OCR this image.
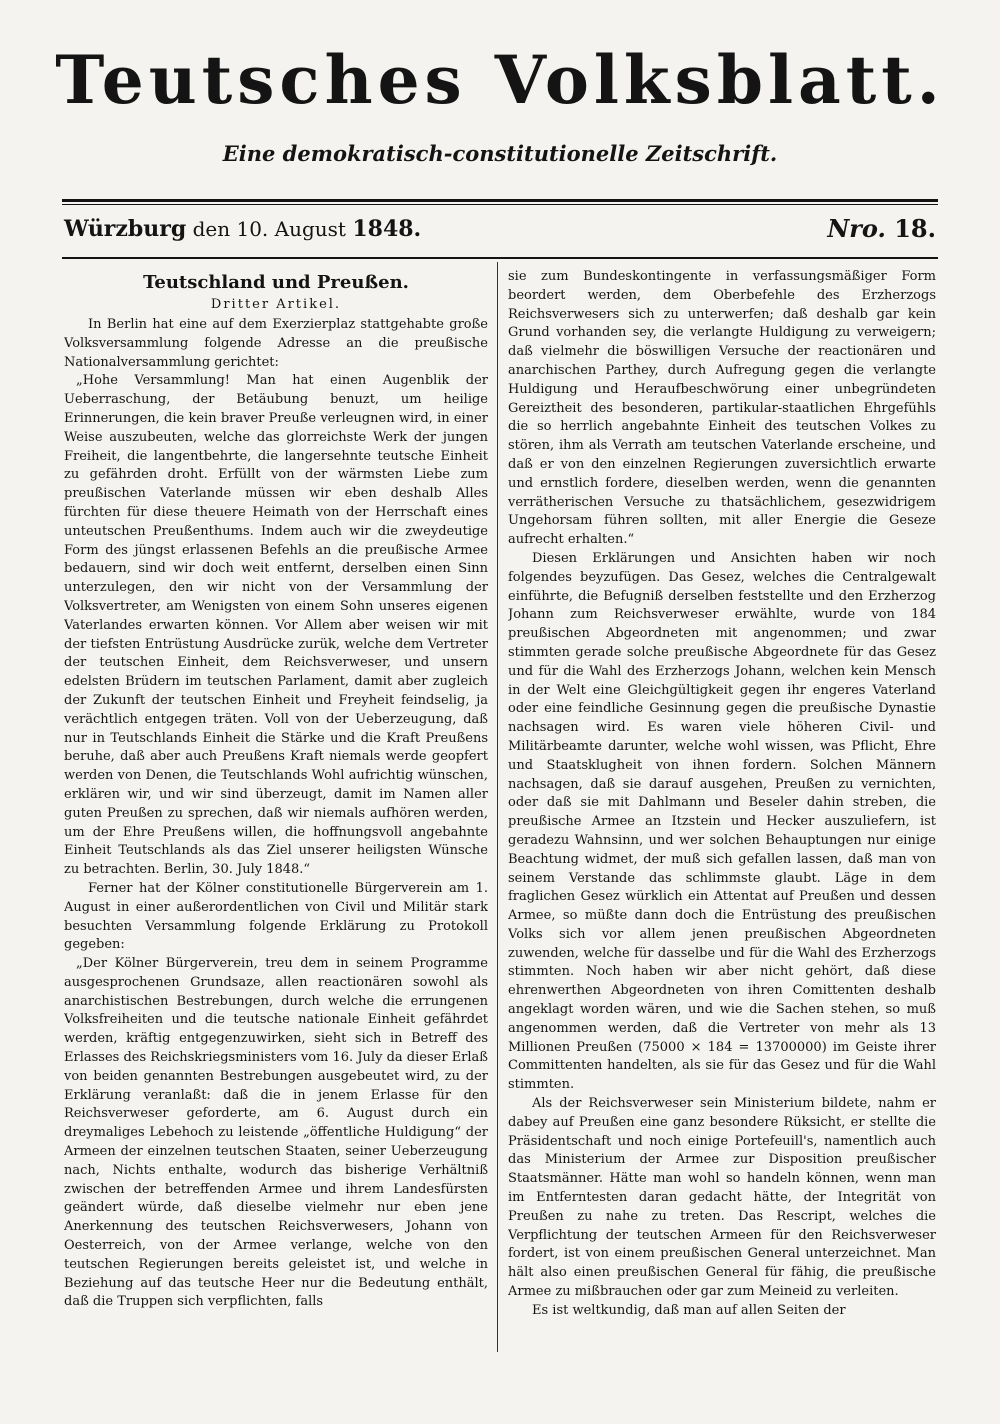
Teutsches Volksblatt.
Eine demokratisch-constitutionelle Zeitschrift.
Würzburg den 10. August 1848.	Nro. 18.
Teutschland und Preußen.
Dritter Artikel.

In Berlin hat eine auf dem Exerzierplaz stattgehabte große Volksversammlung folgende Adresse an die preußische Nationalversammlung gerichtet:

„Hohe Versammlung! Man hat einen Augenblik der Ueberraschung, der Betäubung benuzt, um heilige Erinnerungen, die kein braver Preuße verleugnen wird, in einer Weise auszubeuten, welche das glorreichste Werk der jungen Freiheit, die langentbehrte, die langersehnte teutsche Einheit zu gefährden droht. Erfüllt von der wärmsten Liebe zum preußischen Vaterlande müssen wir eben deshalb Alles fürchten für diese theuere Heimath von der Herrschaft eines unteutschen Preußenthums. Indem auch wir die zweydeutige Form des jüngst erlassenen Befehls an die preußische Armee bedauern, sind wir doch weit entfernt, derselben einen Sinn unterzulegen, den wir nicht von der Versammlung der Volksvertreter, am Wenigsten von einem Sohn unseres eigenen Vaterlandes erwarten können. Vor Allem aber weisen wir mit der tiefsten Entrüstung Ausdrücke zurük, welche dem Vertreter der teutschen Einheit, dem Reichsverweser, und unsern edelsten Brüdern im teutschen Parlament, damit aber zugleich der Zukunft der teutschen Einheit und Freyheit feindselig, ja verächtlich entgegen träten. Voll von der Ueberzeugung, daß nur in Teutschlands Einheit die Stärke und die Kraft Preußens beruhe, daß aber auch Preußens Kraft niemals werde geopfert werden von Denen, die Teutschlands Wohl aufrichtig wünschen, erklären wir, und wir sind überzeugt, damit im Namen aller guten Preußen zu sprechen, daß wir niemals aufhören werden, um der Ehre Preußens willen, die hoffnungsvoll angebahnte Einheit Teutschlands als das Ziel unserer heiligsten Wünsche zu betrachten. Berlin, 30. July 1848.“

Ferner hat der Kölner constitutionelle Bürgerverein am 1. August in einer außerordentlichen von Civil und Militär stark besuchten Versammlung folgende Erklärung zu Protokoll gegeben:

„Der Kölner Bürgerverein, treu dem in seinem Programme ausgesprochenen Grundsaze, allen reactionären sowohl als anarchistischen Bestrebungen, durch welche die errungenen Volksfreiheiten und die teutsche nationale Einheit gefährdet werden, kräftig entgegenzuwirken, sieht sich in Betreff des Erlasses des Reichskriegsministers vom 16. July da dieser Erlaß von beiden genannten Bestrebungen ausgebeutet wird, zu der Erklärung veranlaßt: daß die in jenem Erlasse für den Reichsverweser geforderte, am 6. August durch ein dreymaliges Lebehoch zu leistende „öffentliche Huldigung“ der Armeen der einzelnen teutschen Staaten, seiner Ueberzeugung nach, Nichts enthalte, wodurch das bisherige Verhältniß zwischen der betreffenden Armee und ihrem Landesfürsten geändert würde, daß dieselbe vielmehr nur eben jene Anerkennung des teutschen Reichsverwesers, Johann von Oesterreich, von der Armee verlange, welche von den teutschen Regierungen bereits geleistet ist, und welche in Beziehung auf das teutsche Heer nur die Bedeutung enthält, daß die Truppen sich verpflichten, falls

sie zum Bundeskontingente in verfassungsmäßiger Form beordert werden, dem Oberbefehle des Erzherzogs Reichsverwesers sich zu unterwerfen; daß deshalb gar kein Grund vorhanden sey, die verlangte Huldigung zu verweigern; daß vielmehr die böswilligen Versuche der reactionären und anarchischen Parthey, durch Aufregung gegen die verlangte Huldigung und Heraufbeschwörung einer unbegründeten Gereiztheit des besonderen, partikular-staatlichen Ehrgefühls die so herrlich angebahnte Einheit des teutschen Volkes zu stören, ihm als Verrath am teutschen Vaterlande erscheine, und daß er von den einzelnen Regierungen zuversichtlich erwarte und ernstlich fordere, dieselben werden, wenn die genannten verrätherischen Versuche zu thatsächlichem, gesezwidrigem Ungehorsam führen sollten, mit aller Energie die Geseze aufrecht erhalten.“

Diesen Erklärungen und Ansichten haben wir noch folgendes beyzufügen. Das Gesez, welches die Centralgewalt einführte, die Befugniß derselben feststellte und den Erzherzog Johann zum Reichsverweser erwählte, wurde von 184 preußischen Abgeordneten mit angenommen; und zwar stimmten gerade solche preußische Abgeordnete für das Gesez und für die Wahl des Erzherzogs Johann, welchen kein Mensch in der Welt eine Gleichgültigkeit gegen ihr engeres Vaterland oder eine feindliche Gesinnung gegen die preußische Dynastie nachsagen wird. Es waren viele höheren Civil- und Militärbeamte darunter, welche wohl wissen, was Pflicht, Ehre und Staatsklugheit von ihnen fordern. Solchen Männern nachsagen, daß sie darauf ausgehen, Preußen zu vernichten, oder daß sie mit Dahlmann und Beseler dahin streben, die preußische Armee an Itzstein und Hecker auszuliefern, ist geradezu Wahnsinn, und wer solchen Behauptungen nur einige Beachtung widmet, der muß sich gefallen lassen, daß man von seinem Verstande das schlimmste glaubt. Läge in dem fraglichen Gesez würklich ein Attentat auf Preußen und dessen Armee, so müßte dann doch die Entrüstung des preußischen Volks sich vor allem jenen preußischen Abgeordneten zuwenden, welche für dasselbe und für die Wahl des Erzherzogs stimmten. Noch haben wir aber nicht gehört, daß diese ehrenwerthen Abgeordneten von ihren Comittenten deshalb angeklagt worden wären, und wie die Sachen stehen, so muß angenommen werden, daß die Vertreter von mehr als 13 Millionen Preußen (75000 × 184 = 13700000) im Geiste ihrer Committenten handelten, als sie für das Gesez und für die Wahl stimmten.

Als der Reichsverweser sein Ministerium bildete, nahm er dabey auf Preußen eine ganz besondere Rüksicht, er stellte die Präsidentschaft und noch einige Portefeuill's, namentlich auch das Ministerium der Armee zur Disposition preußischer Staatsmänner. Hätte man wohl so handeln können, wenn man im Entferntesten daran gedacht hätte, der Integrität von Preußen zu nahe zu treten. Das Rescript, welches die Verpflichtung der teutschen Armeen für den Reichsverweser fordert, ist von einem preußischen General unterzeichnet. Man hält also einen preußischen General für fähig, die preußische Armee zu mißbrauchen oder gar zum Meineid zu verleiten.

Es ist weltkundig, daß man auf allen Seiten der
